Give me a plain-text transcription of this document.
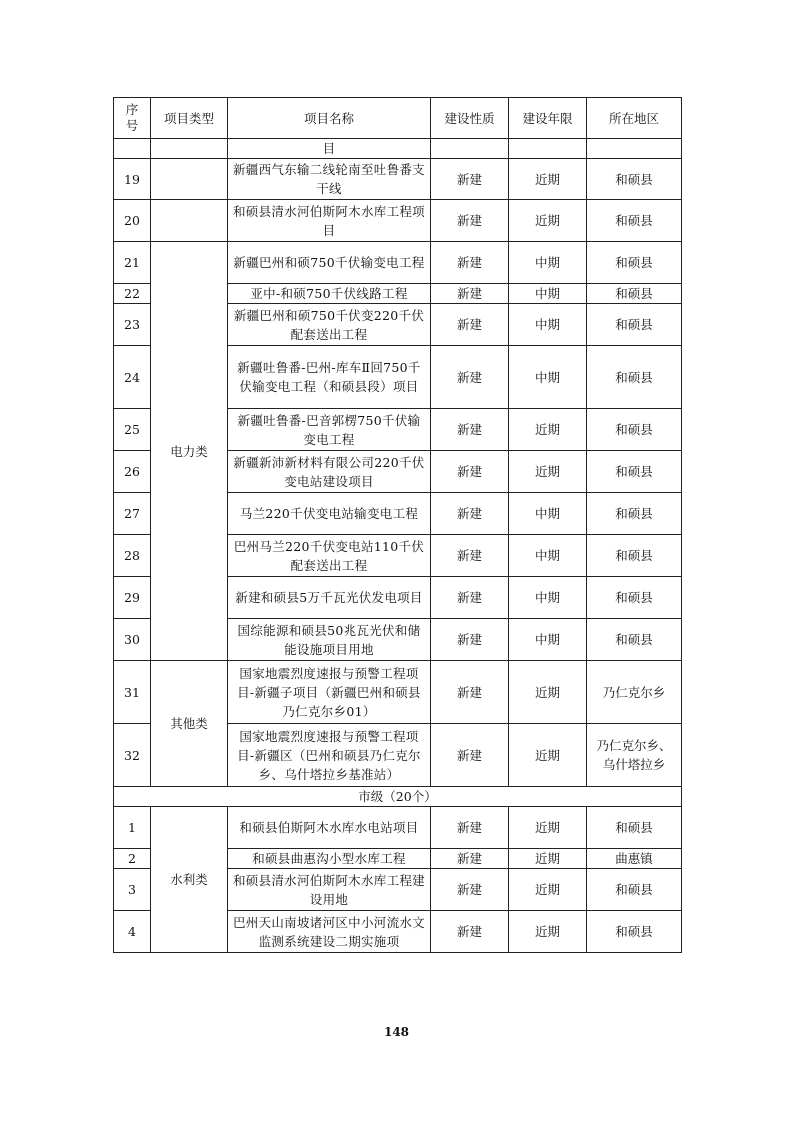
序号	项目类型	项目名称	建设性质	建设年限	所在地区
		目			
19		新疆西气东输二线轮南至吐鲁番支干线	新建	近期	和硕县
20		和硕县清水河伯斯阿木水库工程项目	新建	近期	和硕县
21	电力类	新疆巴州和硕750千伏输变电工程	新建	中期	和硕县
22		亚中-和硕750千伏线路工程	新建	中期	和硕县
23		新疆巴州和硕750千伏变220千伏配套送出工程	新建	中期	和硕县
24		新疆吐鲁番-巴州-库车Ⅱ回750千伏输变电工程（和硕县段）项目	新建	中期	和硕县
25		新疆吐鲁番-巴音郭楞750千伏输变电工程	新建	近期	和硕县
26		新疆新沛新材料有限公司220千伏变电站建设项目	新建	近期	和硕县
27		马兰220千伏变电站输变电工程	新建	中期	和硕县
28		巴州马兰220千伏变电站110千伏配套送出工程	新建	中期	和硕县
29		新建和硕县5万千瓦光伏发电项目	新建	中期	和硕县
30		国综能源和硕县50兆瓦光伏和储能设施项目用地	新建	中期	和硕县
31	其他类	国家地震烈度速报与预警工程项目-新疆子项目（新疆巴州和硕县乃仁克尔乡01）	新建	近期	乃仁克尔乡
32		国家地震烈度速报与预警工程项目-新疆区（巴州和硕县乃仁克尔乡、乌什塔拉乡基准站）	新建	近期	乃仁克尔乡、乌什塔拉乡
市级（20个）					
1	水利类	和硕县伯斯阿木水库水电站项目	新建	近期	和硕县
2		和硕县曲惠沟小型水库工程	新建	近期	曲惠镇
3		和硕县清水河伯斯阿木水库工程建设用地	新建	近期	和硕县
4		巴州天山南坡诸河区中小河流水文监测系统建设二期实施项	新建	近期	和硕县
148
